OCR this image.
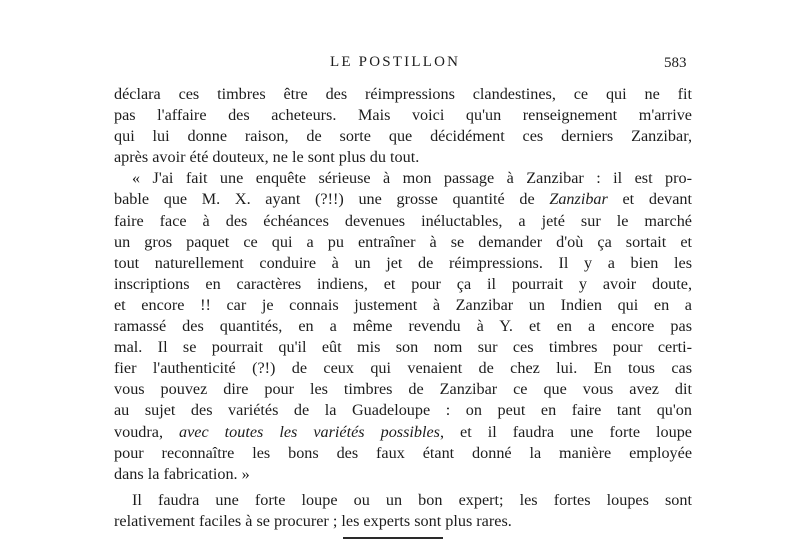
LE POSTILLON	583
déclara ces timbres être des réimpressions clandestines, ce qui ne fit
pas l'affaire des acheteurs. Mais voici qu'un renseignement m'arrive
qui lui donne raison, de sorte que décidément ces derniers Zanzibar,
après avoir été douteux, ne le sont plus du tout.
« J'ai fait une enquête sérieuse à mon passage à Zanzibar : il est pro-
bable que M. X. ayant (?!!) une grosse quantité de Zanzibar et devant
faire face à des échéances devenues inéluctables, a jeté sur le marché
un gros paquet ce qui a pu entraîner à se demander d'où ça sortait et
tout naturellement conduire à un jet de réimpressions. Il y a bien les
inscriptions en caractères indiens, et pour ça il pourrait y avoir doute,
et encore !! car je connais justement à Zanzibar un Indien qui en a
ramassé des quantités, en a même revendu à Y. et en a encore pas
mal. Il se pourrait qu'il eût mis son nom sur ces timbres pour certi-
fier l'authenticité (?!) de ceux qui venaient de chez lui. En tous cas
vous pouvez dire pour les timbres de Zanzibar ce que vous avez dit
au sujet des variétés de la Guadeloupe : on peut en faire tant qu'on
voudra, avec toutes les variétés possibles, et il faudra une forte loupe
pour reconnaître les bons des faux étant donné la manière employée
dans la fabrication. »
Il faudra une forte loupe ou un bon expert; les fortes loupes sont
relativement faciles à se procurer ; les experts sont plus rares.
